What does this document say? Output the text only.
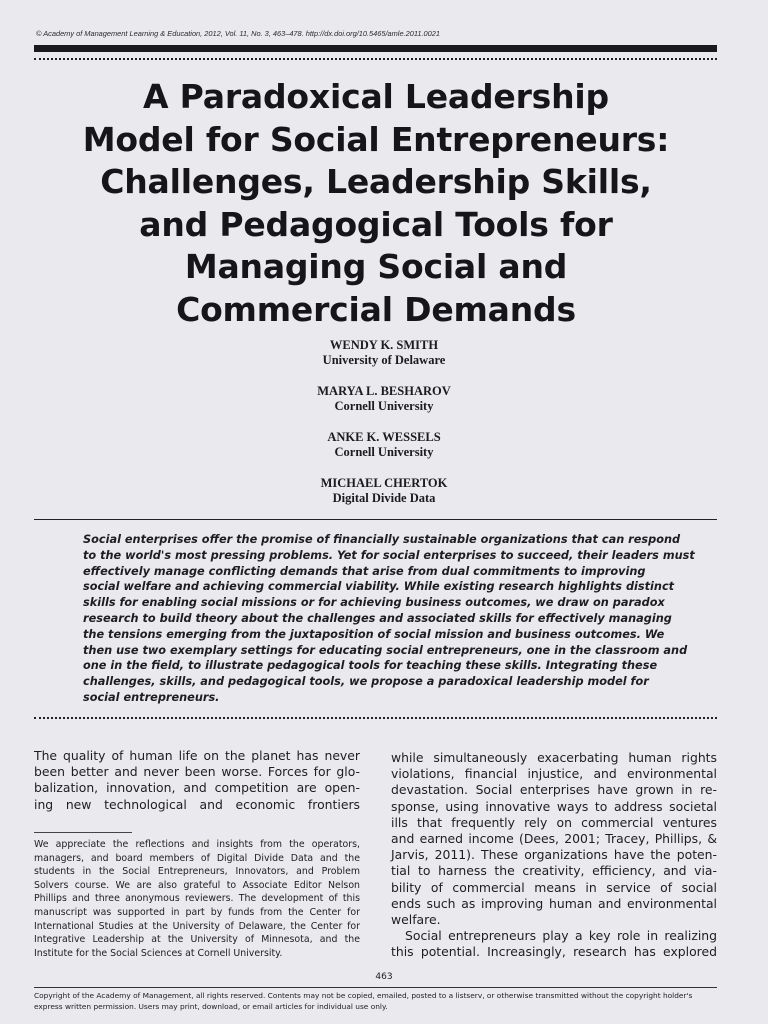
© Academy of Management Learning & Education, 2012, Vol. 11, No. 3, 463–478. http://dx.doi.org/10.5465/amle.2011.0021
A Paradoxical Leadership
Model for Social Entrepreneurs:
Challenges, Leadership Skills,
and Pedagogical Tools for
Managing Social and
Commercial Demands
WENDY K. SMITH
University of Delaware
MARYA L. BESHAROV
Cornell University
ANKE K. WESSELS
Cornell University
MICHAEL CHERTOK
Digital Divide Data
Social enterprises offer the promise of financially sustainable organizations that can respond
to the world's most pressing problems. Yet for social enterprises to succeed, their leaders must
effectively manage conflicting demands that arise from dual commitments to improving
social welfare and achieving commercial viability. While existing research highlights distinct
skills for enabling social missions or for achieving business outcomes, we draw on paradox
research to build theory about the challenges and associated skills for effectively managing
the tensions emerging from the juxtaposition of social mission and business outcomes. We
then use two exemplary settings for educating social entrepreneurs, one in the classroom and
one in the field, to illustrate pedagogical tools for teaching these skills. Integrating these
challenges, skills, and pedagogical tools, we propose a paradoxical leadership model for
social entrepreneurs.
The quality of human life on the planet has never
been better and never been worse. Forces for glo-
balization, innovation, and competition are open-
ing new technological and economic frontiers
We appreciate the reflections and insights from the operators,
managers, and board members of Digital Divide Data and the
students in the Social Entrepreneurs, Innovators, and Problem
Solvers course. We are also grateful to Associate Editor Nelson
Phillips and three anonymous reviewers. The development of this
manuscript was supported in part by funds from the Center for
International Studies at the University of Delaware, the Center for
Integrative Leadership at the University of Minnesota, and the
Institute for the Social Sciences at Cornell University.
while simultaneously exacerbating human rights
violations, financial injustice, and environmental
devastation. Social enterprises have grown in re-
sponse, using innovative ways to address societal
ills that frequently rely on commercial ventures
and earned income (Dees, 2001; Tracey, Phillips, &
Jarvis, 2011). These organizations have the poten-
tial to harness the creativity, efficiency, and via-
bility of commercial means in service of social
ends such as improving human and environmental
welfare.
Social entrepreneurs play a key role in realizing
this potential. Increasingly, research has explored
463
Copyright of the Academy of Management, all rights reserved. Contents may not be copied, emailed, posted to a listserv, or otherwise transmitted without the copyright holder's
express written permission. Users may print, download, or email articles for individual use only.
